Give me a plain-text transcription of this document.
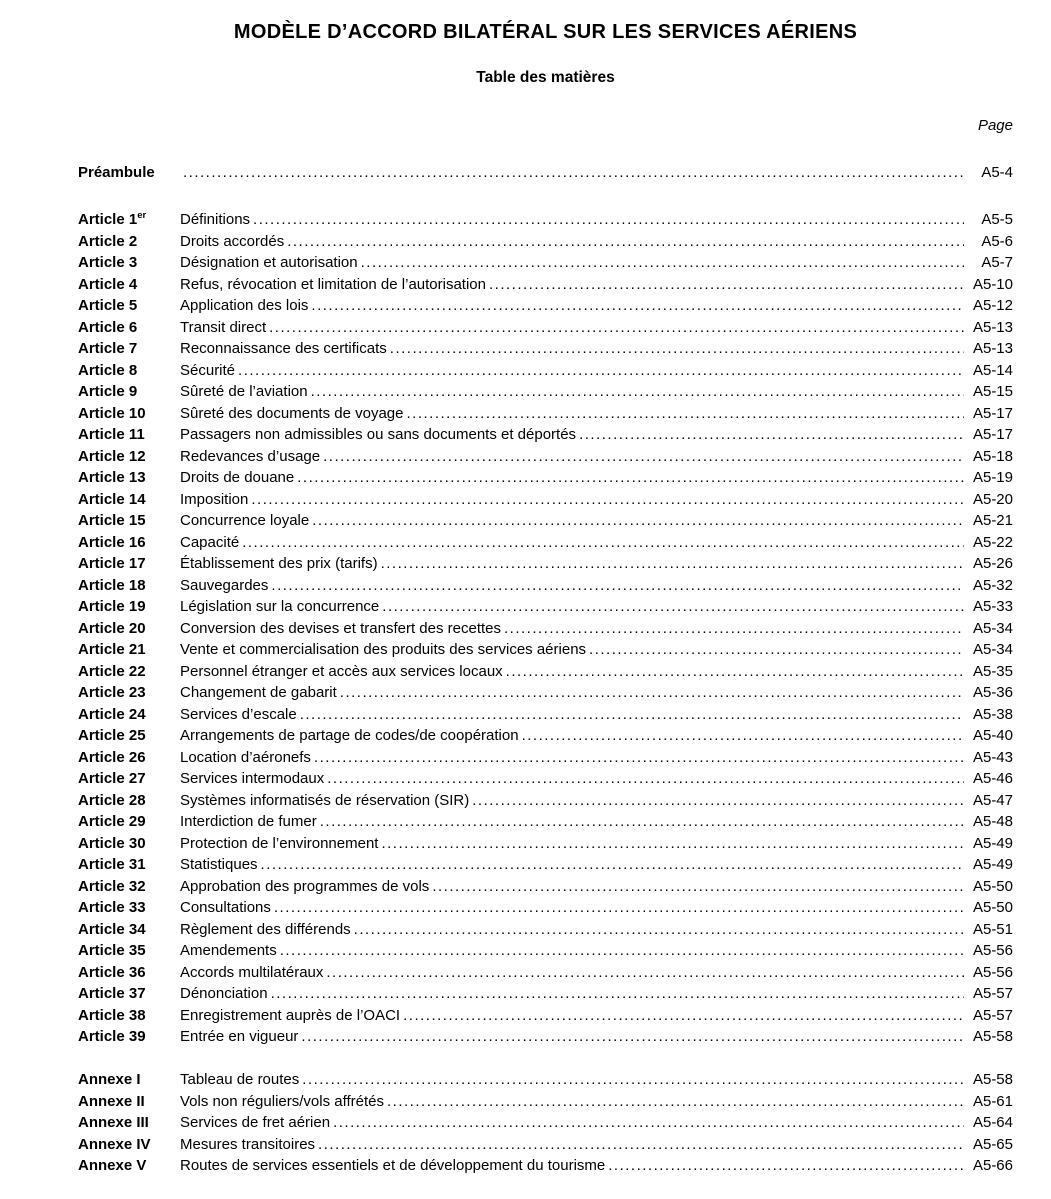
MODÈLE D’ACCORD BILATÉRAL SUR LES SERVICES AÉRIENS
Table des matières
Page
Préambule .....	A5-4
Article 1er	Définitions .....	A5-5
Article 2	Droits accordés .....	A5-6
Article 3	Désignation et autorisation .....	A5-7
Article 4	Refus, révocation et limitation de l’autorisation .....	A5-10
Article 5	Application des lois .....	A5-12
Article 6	Transit direct .....	A5-13
Article 7	Reconnaissance des certificats .....	A5-13
Article 8	Sécurité .....	A5-14
Article 9	Sûreté de l’aviation .....	A5-15
Article 10	Sûreté des documents de voyage .....	A5-17
Article 11	Passagers non admissibles ou sans documents et déportés .....	A5-17
Article 12	Redevances d’usage .....	A5-18
Article 13	Droits de douane .....	A5-19
Article 14	Imposition .....	A5-20
Article 15	Concurrence loyale .....	A5-21
Article 16	Capacité .....	A5-22
Article 17	Établissement des prix (tarifs) .....	A5-26
Article 18	Sauvegardes .....	A5-32
Article 19	Législation sur la concurrence .....	A5-33
Article 20	Conversion des devises et transfert des recettes .....	A5-34
Article 21	Vente et commercialisation des produits des services aériens .....	A5-34
Article 22	Personnel étranger et accès aux services locaux .....	A5-35
Article 23	Changement de gabarit .....	A5-36
Article 24	Services d’escale .....	A5-38
Article 25	Arrangements de partage de codes/de coopération .....	A5-40
Article 26	Location d’aéronefs .....	A5-43
Article 27	Services intermodaux .....	A5-46
Article 28	Systèmes informatisés de réservation (SIR) .....	A5-47
Article 29	Interdiction de fumer .....	A5-48
Article 30	Protection de l’environnement .....	A5-49
Article 31	Statistiques .....	A5-49
Article 32	Approbation des programmes de vols .....	A5-50
Article 33	Consultations .....	A5-50
Article 34	Règlement des différends .....	A5-51
Article 35	Amendements .....	A5-56
Article 36	Accords multilatéraux .....	A5-56
Article 37	Dénonciation .....	A5-57
Article 38	Enregistrement auprès de l’OACI .....	A5-57
Article 39	Entrée en vigueur .....	A5-58
Annexe I	Tableau de routes .....	A5-58
Annexe II	Vols non réguliers/vols affrétés .....	A5-61
Annexe III	Services de fret aérien .....	A5-64
Annexe IV	Mesures transitoires .....	A5-65
Annexe V	Routes de services essentiels et de développement du tourisme .....	A5-66
